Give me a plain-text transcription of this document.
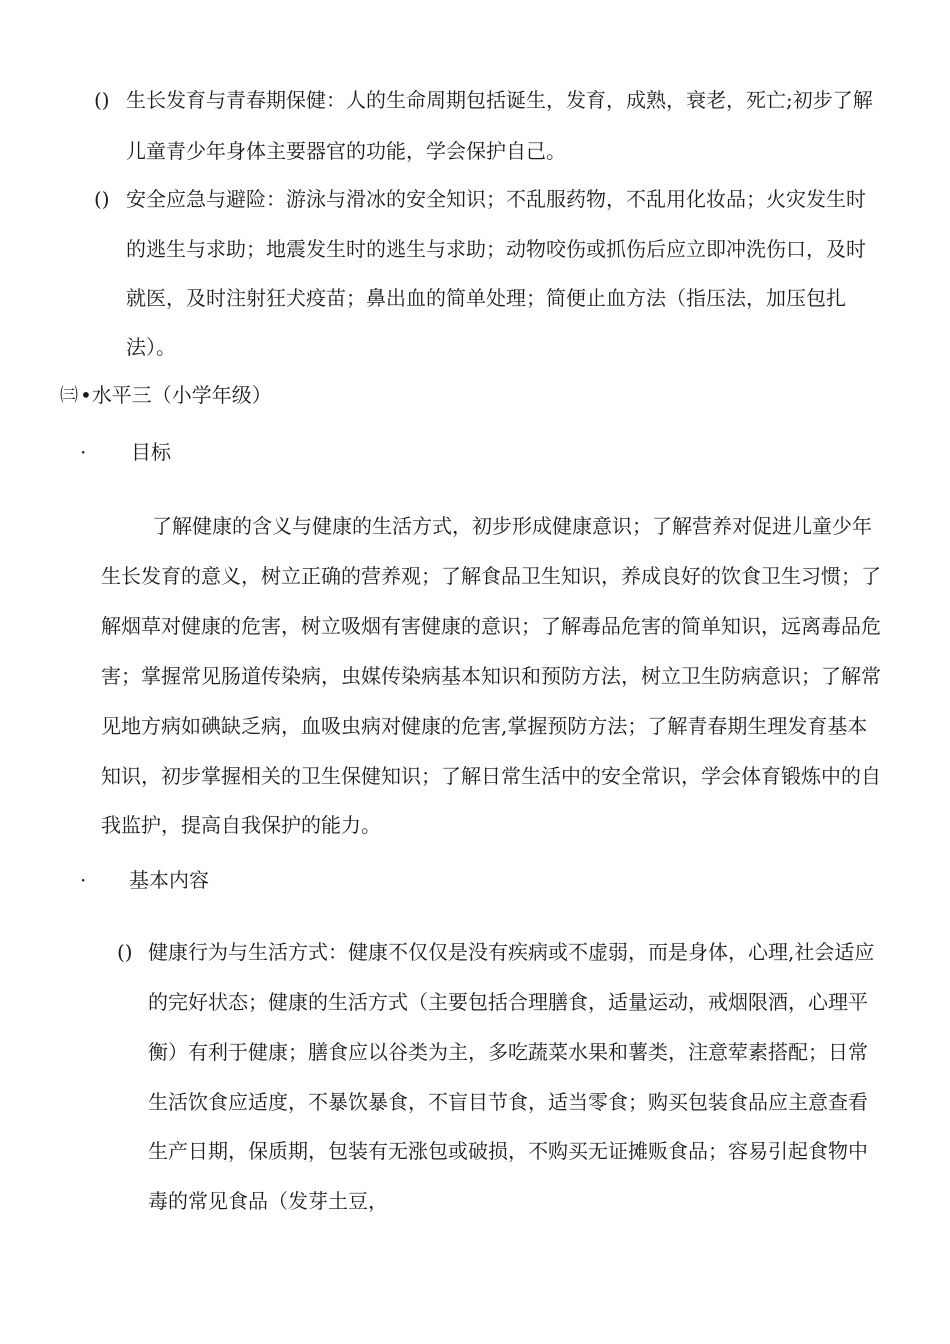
() 生长发育与青春期保健：人的生命周期包括诞生，发育，成熟，衰老，死亡;初步了解

儿童青少年身体主要器官的功能，学会保护自己。

() 安全应急与避险：游泳与滑冰的安全知识；不乱服药物，不乱用化妆品；火灾发生时

的逃生与求助；地震发生时的逃生与求助；动物咬伤或抓伤后应立即冲洗伤口，及时

就医，及时注射狂犬疫苗；鼻出血的简单处理；简便止血方法（指压法，加压包扎

法）。

㈢ •水平三（小学年级）

· 目标

了解健康的含义与健康的生活方式，初步形成健康意识；了解营养对促进儿童少年

生长发育的意义，树立正确的营养观；了解食品卫生知识，养成良好的饮食卫生习惯；了

解烟草对健康的危害，树立吸烟有害健康的意识；了解毒品危害的简单知识，远离毒品危

害；掌握常见肠道传染病，虫媒传染病基本知识和预防方法，树立卫生防病意识；了解常

见地方病如碘缺乏病，血吸虫病对健康的危害,掌握预防方法；了解青春期生理发育基本

知识，初步掌握相关的卫生保健知识；了解日常生活中的安全常识，学会体育锻炼中的自

我监护，提高自我保护的能力。

· 基本内容

() 健康行为与生活方式：健康不仅仅是没有疾病或不虚弱，而是身体，心理,社会适应

的完好状态；健康的生活方式（主要包括合理膳食，适量运动，戒烟限酒，心理平

衡）有利于健康；膳食应以谷类为主，多吃蔬菜水果和薯类，注意荤素搭配；日常

生活饮食应适度，不暴饮暴食，不盲目节食，适当零食；购买包装食品应主意查看

生产日期，保质期，包装有无涨包或破损，不购买无证摊贩食品；容易引起食物中

毒的常见食品（发芽土豆，
